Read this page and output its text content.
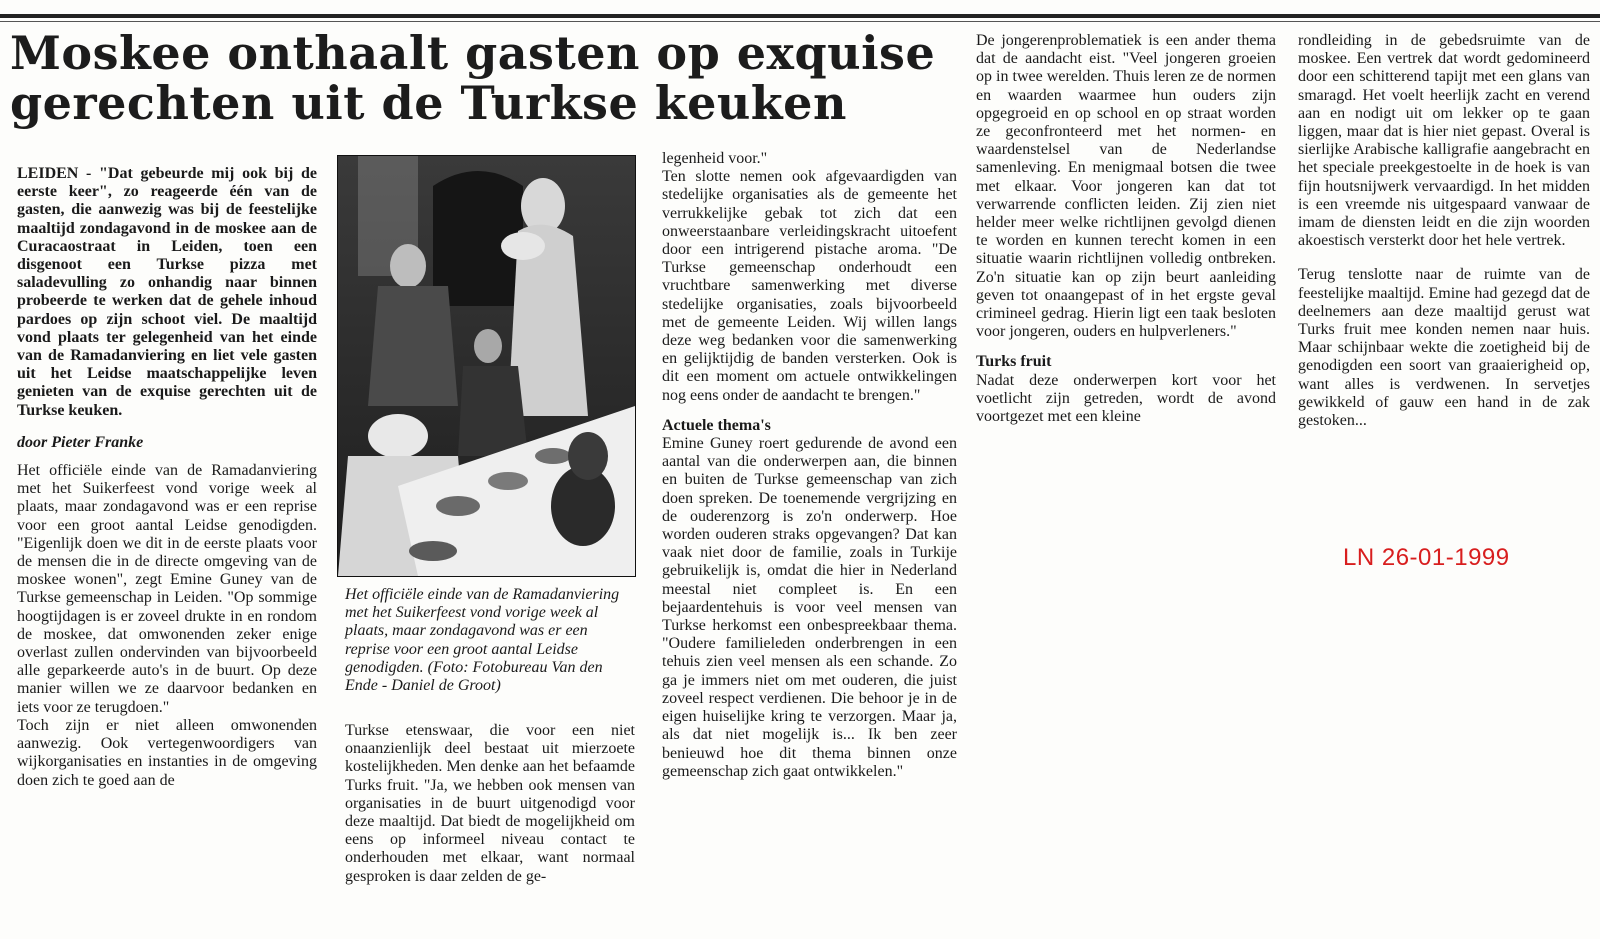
Moskee onthaalt gasten op exquise gerechten uit de Turkse keuken

LEIDEN - "Dat gebeurde mij ook bij de eerste keer", zo reageerde één van de gasten, die aanwezig was bij de feestelijke maaltijd zondagavond in de moskee aan de Curacaostraat in Leiden, toen een disgenoot een Turkse pizza met saladevulling zo onhandig naar binnen probeerde te werken dat de gehele inhoud pardoes op zijn schoot viel. De maaltijd vond plaats ter gelegenheid van het einde van de Ramadanviering en liet vele gasten uit het Leidse maatschappelijke leven genieten van de exquise gerechten uit de Turkse keuken.

door Pieter Franke

Het officiële einde van de Ramadanviering met het Suikerfeest vond vorige week al plaats, maar zondagavond was er een reprise voor een groot aantal Leidse genodigden. "Eigenlijk doen we dit in de eerste plaats voor de mensen die in de directe omgeving van de moskee wonen", zegt Emine Guney van de Turkse gemeenschap in Leiden. "Op sommige hoogtijdagen is er zoveel drukte in en rondom de moskee, dat omwonenden zeker enige overlast zullen ondervinden van bijvoorbeeld alle geparkeerde auto's in de buurt. Op deze manier willen we ze daarvoor bedanken en iets voor ze terugdoen."

Toch zijn er niet alleen omwonenden aanwezig. Ook vertegenwoordigers van wijkorganisaties en instanties in de omgeving doen zich te goed aan de

Het officiële einde van de Ramadanviering met het Suikerfeest vond vorige week al plaats, maar zondagavond was er een reprise voor een groot aantal Leidse genodigden. (Foto: Fotobureau Van den Ende - Daniel de Groot)

Turkse etenswaar, die voor een niet onaanzienlijk deel bestaat uit mierzoete kostelijkheden. Men denke aan het befaamde Turks fruit. "Ja, we hebben ook mensen van organisaties in de buurt uitgenodigd voor deze maaltijd. Dat biedt de mogelijkheid om eens op informeel niveau contact te onderhouden met elkaar, want normaal gesproken is daar zelden de ge-

legenheid voor."

Ten slotte nemen ook afgevaardigden van stedelijke organisaties als de gemeente het verrukkelijke gebak tot zich dat een onweerstaanbare verleidingskracht uitoefent door een intrigerend pistache aroma. "De Turkse gemeenschap onderhoudt een vruchtbare samenwerking met diverse stedelijke organisaties, zoals bijvoorbeeld met de gemeente Leiden. Wij willen langs deze weg bedanken voor die samenwerking en gelijktijdig de banden versterken. Ook is dit een moment om actuele ontwikkelingen nog eens onder de aandacht te brengen."

Actuele thema's

Emine Guney roert gedurende de avond een aantal van die onderwerpen aan, die binnen en buiten de Turkse gemeenschap van zich doen spreken. De toenemende vergrijzing en de ouderenzorg is zo'n onderwerp. Hoe worden ouderen straks opgevangen? Dat kan vaak niet door de familie, zoals in Turkije gebruikelijk is, omdat die hier in Nederland meestal niet compleet is. En een bejaardentehuis is voor veel mensen van Turkse herkomst een onbespreekbaar thema. "Oudere familieleden onderbrengen in een tehuis zien veel mensen als een schande. Zo ga je immers niet om met ouderen, die juist zoveel respect verdienen. Die behoor je in de eigen huiselijke kring te verzorgen. Maar ja, als dat niet mogelijk is... Ik ben zeer benieuwd hoe dit thema binnen onze gemeenschap zich gaat ontwikkelen."

De jongerenproblematiek is een ander thema dat de aandacht eist. "Veel jongeren groeien op in twee werelden. Thuis leren ze de normen en waarden waarmee hun ouders zijn opgegroeid en op school en op straat worden ze geconfronteerd met het normen- en waardenstelsel van de Nederlandse samenleving. En menigmaal botsen die twee met elkaar. Voor jongeren kan dat tot verwarrende conflicten leiden. Zij zien niet helder meer welke richtlijnen gevolgd dienen te worden en kunnen terecht komen in een situatie waarin richtlijnen volledig ontbreken. Zo'n situatie kan op zijn beurt aanleiding geven tot onaangepast of in het ergste geval crimineel gedrag. Hierin ligt een taak besloten voor jongeren, ouders en hulpverleners."

Turks fruit

Nadat deze onderwerpen kort voor het voetlicht zijn getreden, wordt de avond voortgezet met een kleine

rondleiding in de gebedsruimte van de moskee. Een vertrek dat wordt gedomineerd door een schitterend tapijt met een glans van smaragd. Het voelt heerlijk zacht en verend aan en nodigt uit om lekker op te gaan liggen, maar dat is hier niet gepast. Overal is sierlijke Arabische kalligrafie aangebracht en het speciale preekgestoelte in de hoek is van fijn houtsnijwerk vervaardigd. In het midden is een vreemde nis uitgespaard vanwaar de imam de diensten leidt en die zijn woorden akoestisch versterkt door het hele vertrek.

Terug tenslotte naar de ruimte van de feestelijke maaltijd. Emine had gezegd dat de deelnemers aan deze maaltijd gerust wat Turks fruit mee konden nemen naar huis. Maar schijnbaar wekte die zoetigheid bij de genodigden een soort van graaierigheid op, want alles is verdwenen. In servetjes gewikkeld of gauw een hand in de zak gestoken...

LN 26-01-1999
